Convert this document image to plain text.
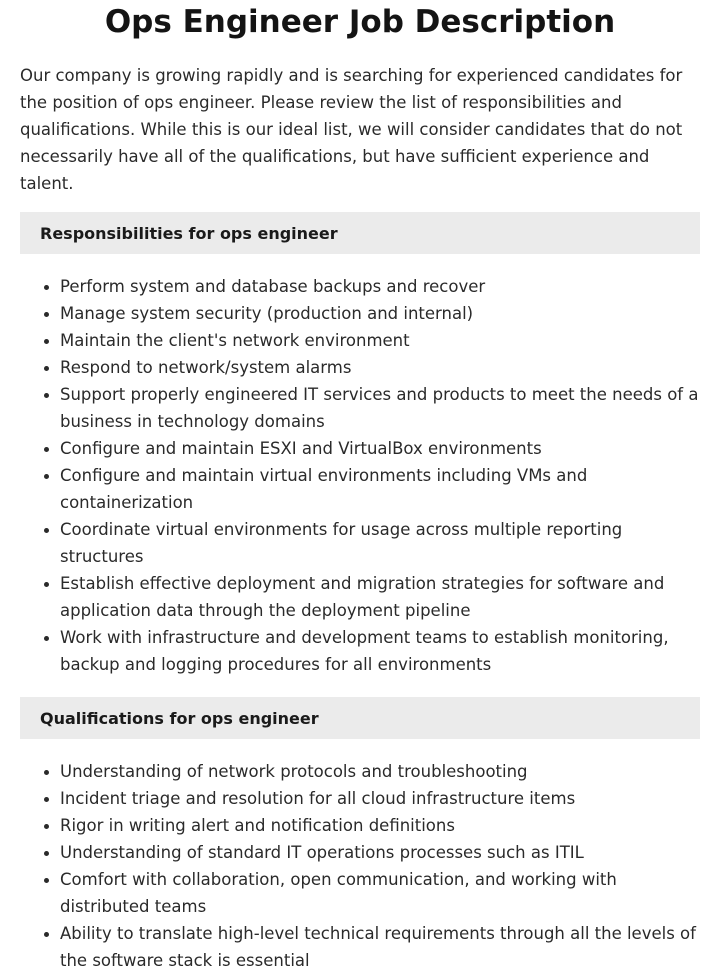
Ops Engineer Job Description

Our company is growing rapidly and is searching for experienced candidates for the position of ops engineer. Please review the list of responsibilities and qualifications. While this is our ideal list, we will consider candidates that do not necessarily have all of the qualifications, but have sufficient experience and talent.

Responsibilities for ops engineer
Perform system and database backups and recover
Manage system security (production and internal)
Maintain the client's network environment
Respond to network/system alarms
Support properly engineered IT services and products to meet the needs of a business in technology domains
Configure and maintain ESXI and VirtualBox environments
Configure and maintain virtual environments including VMs and containerization
Coordinate virtual environments for usage across multiple reporting structures
Establish effective deployment and migration strategies for software and application data through the deployment pipeline
Work with infrastructure and development teams to establish monitoring, backup and logging procedures for all environments
Qualifications for ops engineer
Understanding of network protocols and troubleshooting
Incident triage and resolution for all cloud infrastructure items
Rigor in writing alert and notification definitions
Understanding of standard IT operations processes such as ITIL
Comfort with collaboration, open communication, and working with distributed teams
Ability to translate high-level technical requirements through all the levels of the software stack is essential
